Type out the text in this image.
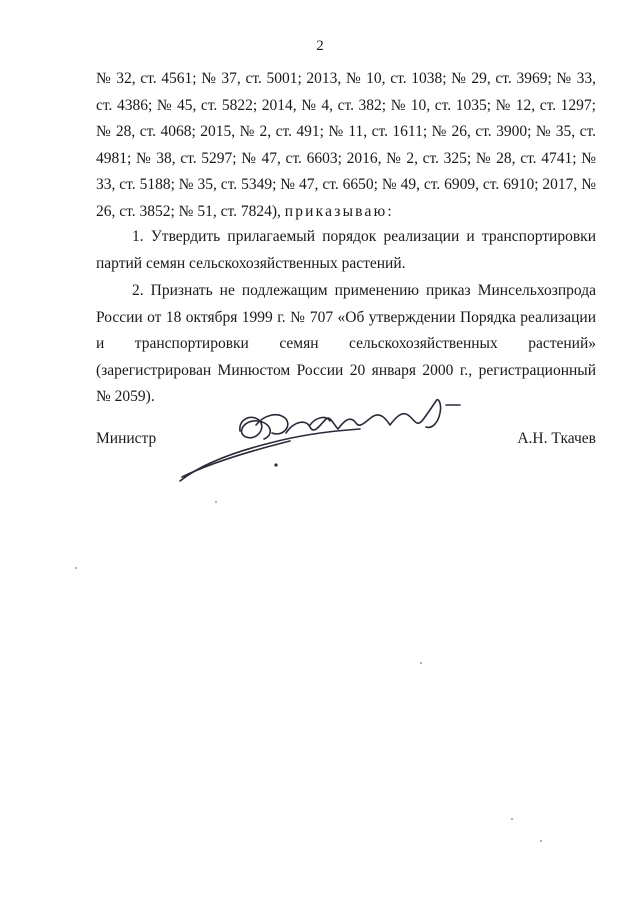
2
№ 32, ст. 4561; № 37, ст. 5001; 2013, № 10, ст. 1038; № 29, ст. 3969; № 33, ст. 4386; № 45, ст. 5822; 2014, № 4, ст. 382; № 10, ст. 1035; № 12, ст. 1297; № 28, ст. 4068; 2015, № 2, ст. 491; № 11, ст. 1611; № 26, ст. 3900; № 35, ст. 4981; № 38, ст. 5297; № 47, ст. 6603; 2016, № 2, ст. 325; № 28, ст. 4741; № 33, ст. 5188; № 35, ст. 5349; № 47, ст. 6650; № 49, ст. 6909, ст. 6910; 2017, № 26, ст. 3852; № 51, ст. 7824), приказываю:
1. Утвердить прилагаемый порядок реализации и транспортировки партий семян сельскохозяйственных растений.
2. Признать не подлежащим применению приказ Минсельхозпрода России от 18 октября 1999 г. № 707 «Об утверждении Порядка реализации и транспортировки семян сельскохозяйственных растений» (зарегистрирован Минюстом России 20 января 2000 г., регистрационный № 2059).
Министр	А.Н. Ткачев
